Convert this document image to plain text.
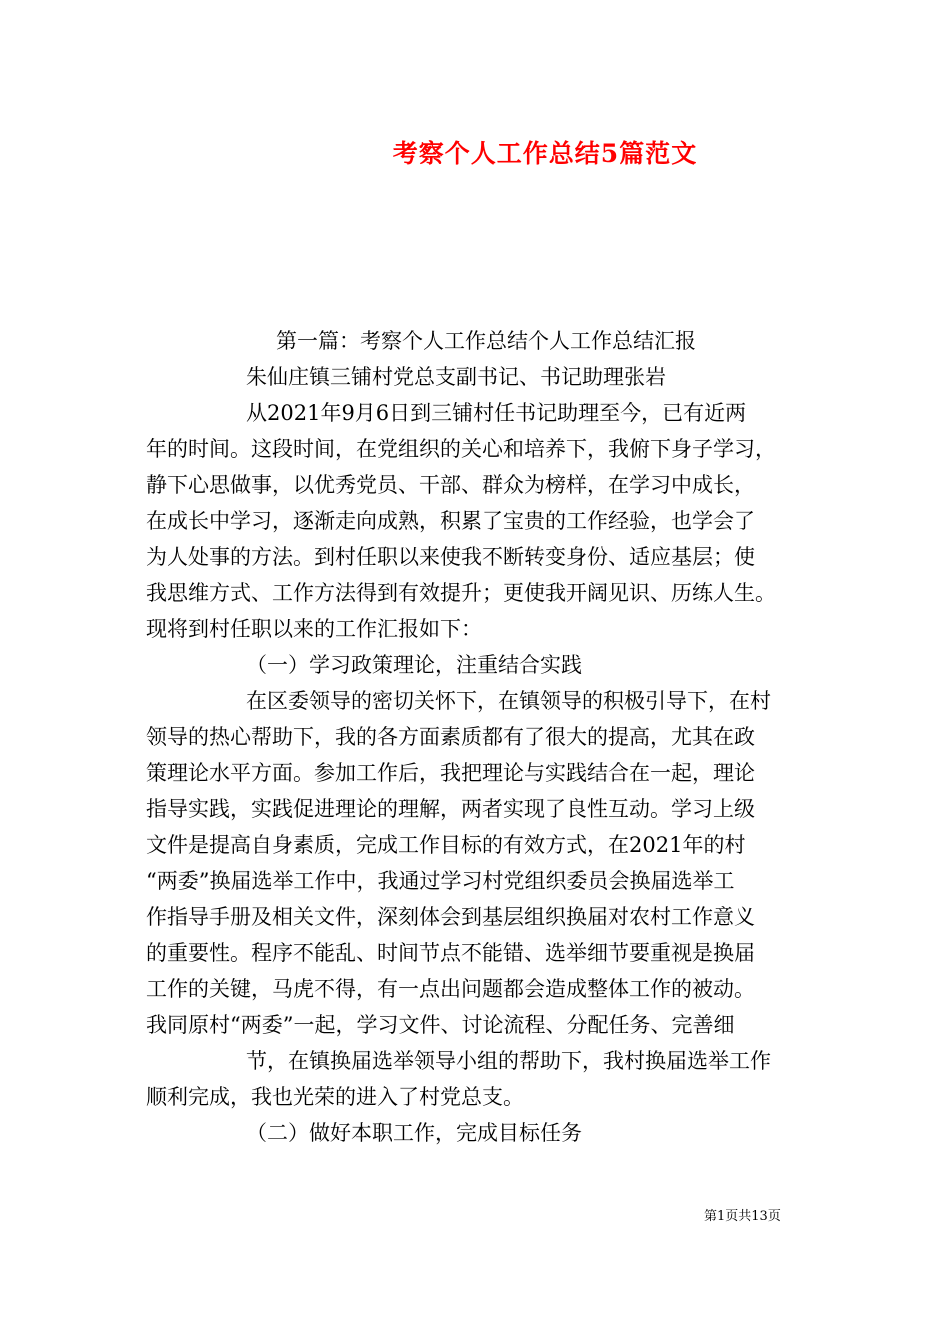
考察个人工作总结5篇范文

第一篇：考察个人工作总结个人工作总结汇报

朱仙庄镇三铺村党总支副书记、书记助理张岩

从2021年9月6日到三铺村任书记助理至今，已有近两

年的时间。这段时间，在党组织的关心和培养下，我俯下身子学习，

静下心思做事，以优秀党员、干部、群众为榜样，在学习中成长，

在成长中学习，逐渐走向成熟，积累了宝贵的工作经验，也学会了

为人处事的方法。到村任职以来使我不断转变身份、适应基层；使

我思维方式、工作方法得到有效提升；更使我开阔见识、历练人生。

现将到村任职以来的工作汇报如下：

（一）学习政策理论，注重结合实践

在区委领导的密切关怀下，在镇领导的积极引导下，在村

领导的热心帮助下，我的各方面素质都有了很大的提高，尤其在政

策理论水平方面。参加工作后，我把理论与实践结合在一起，理论

指导实践，实践促进理论的理解，两者实现了良性互动。学习上级

文件是提高自身素质，完成工作目标的有效方式，在2021年的村

“两委”换届选举工作中，我通过学习村党组织委员会换届选举工

作指导手册及相关文件，深刻体会到基层组织换届对农村工作意义

的重要性。程序不能乱、时间节点不能错、选举细节要重视是换届

工作的关键，马虎不得，有一点出问题都会造成整体工作的被动。

我同原村“两委”一起，学习文件、讨论流程、分配任务、完善细

节，在镇换届选举领导小组的帮助下，我村换届选举工作

顺利完成，我也光荣的进入了村党总支。

（二）做好本职工作，完成目标任务

第1页共13页
